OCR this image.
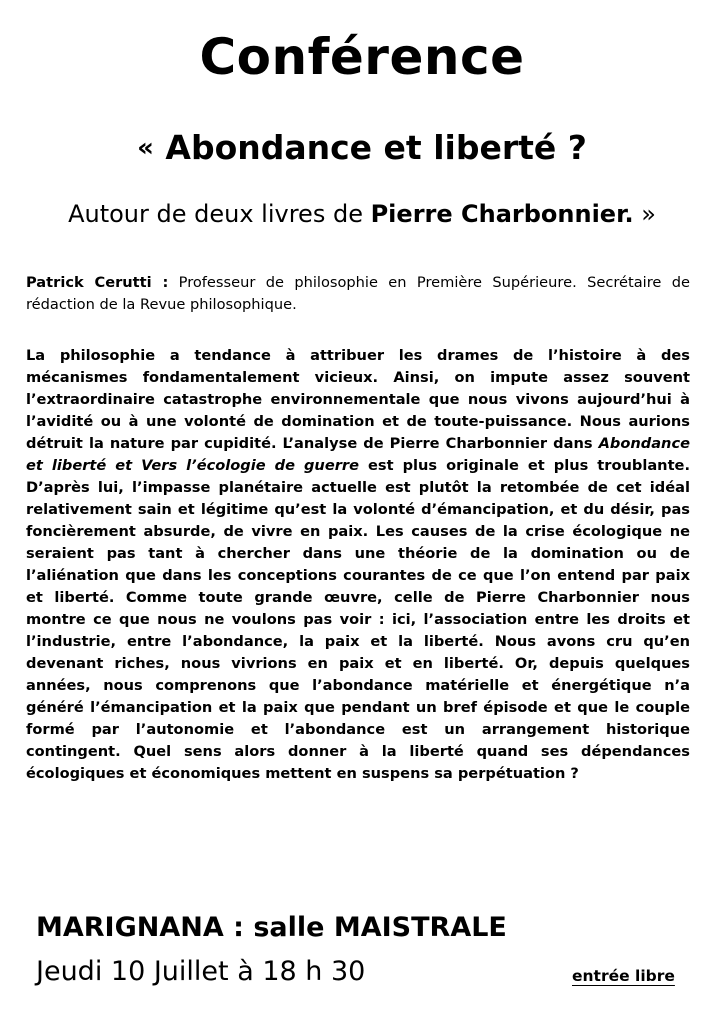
Conférence
« Abondance et liberté ?
Autour de deux livres de Pierre Charbonnier. »
Patrick Cerutti : Professeur de philosophie en Première Supérieure. Secrétaire de rédaction de la Revue philosophique.
La philosophie a tendance à attribuer les drames de l’histoire à des mécanismes fondamentalement vicieux. Ainsi, on impute assez souvent l’extraordinaire catastrophe environnementale que nous vivons aujourd’hui à l’avidité ou à une volonté de domination et de toute-puissance. Nous aurions détruit la nature par cupidité. L’analyse de Pierre Charbonnier dans Abondance et liberté et Vers l’écologie de guerre est plus originale et plus troublante. D’après lui, l’impasse planétaire actuelle est plutôt la retombée de cet idéal relativement sain et légitime qu’est la volonté d’émancipation, et du désir, pas foncièrement absurde, de vivre en paix. Les causes de la crise écologique ne seraient pas tant à chercher dans une théorie de la domination ou de l’aliénation que dans les conceptions courantes de ce que l’on entend par paix et liberté. Comme toute grande œuvre, celle de Pierre Charbonnier nous montre ce que nous ne voulons pas voir : ici, l’association entre les droits et l’industrie, entre l’abondance, la paix et la liberté. Nous avons cru qu’en devenant riches, nous vivrions en paix et en liberté. Or, depuis quelques années, nous comprenons que l’abondance matérielle et énergétique n’a généré l’émancipation et la paix que pendant un bref épisode et que le couple formé par l’autonomie et l’abondance est un arrangement historique contingent. Quel sens alors donner à la liberté quand ses dépendances écologiques et économiques mettent en suspens sa perpétuation ?
MARIGNANA : salle MAISTRALE
Jeudi 10 Juillet à 18 h 30	entrée libre
